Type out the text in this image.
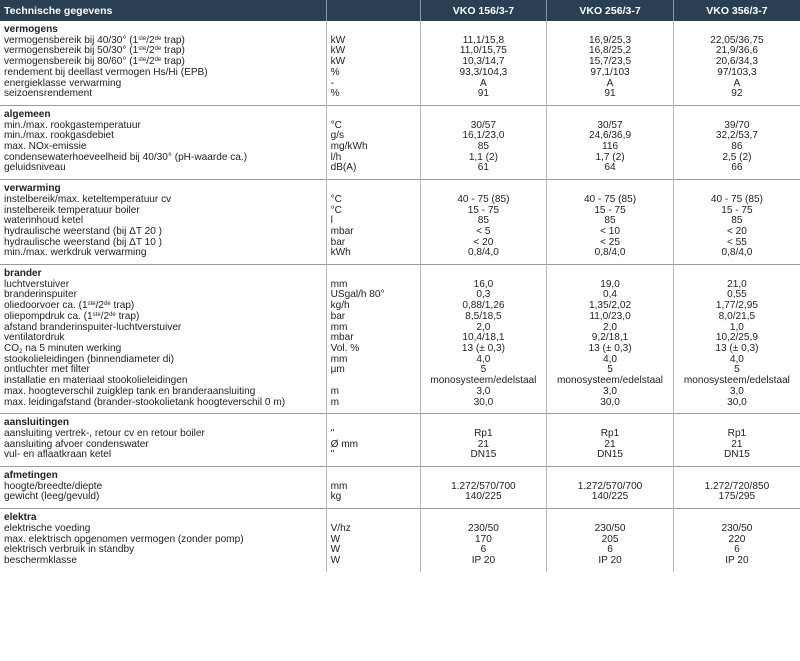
Technische gegevens		VKO 156/3-7	VKO 256/3-7	VKO 356/3-7
vermogens				
vermogensbereik bij 40/30° (1ste/2de trap)	kW	11,1/15,8	16,9/25,3	22,05/36,75
vermogensbereik bij 50/30° (1ste/2de trap)	kW	11,0/15,75	16,8/25,2	21,9/36,6
vermogensbereik bij 80/60° (1ste/2de trap)	kW	10,3/14,7	15,7/23,5	20,6/34,3
rendement bij deellast vermogen Hs/Hi (EPB)	%	93,3/104,3	97,1/103	97/103,3
energieklasse verwarming	-	A	A	A
seizoensrendement	%	91	91	92

algemeen				
min./max. rookgastemperatuur	°C	30/57	30/57	39/70
min./max. rookgasdebiet	g/s	16,1/23,0	24,6/36,9	32,2/53,7
max. NOx-emissie	mg/kWh	85	116	86
condensewaterhoeveelheid bij 40/30° (pH-waarde ca.)	l/h	1,1 (2)	1,7 (2)	2,5 (2)
geluidsniveau	dB(A)	61	64	66

verwarming				
instelbereik/max. keteltemperatuur cv	°C	40 - 75 (85)	40 - 75 (85)	40 - 75 (85)
instelbereik temperatuur boiler	°C	15 - 75	15 - 75	15 - 75
waterinhoud ketel	l	85	85	85
hydraulische weerstand (bij ΔT 20 )	mbar	< 5	< 10	< 20
hydraulische weerstand (bij ΔT 10 )	bar	< 20	< 25	< 55
min./max. werkdruk verwarming	kWh	0,8/4,0	0,8/4,0	0,8/4,0

brander				
luchtverstuiver	mm	16,0	19,0	21,0
branderinspuiter	USgal/h 80°	0,3	0,4	0,55
oliedoorvoer ca. (1ste/2de trap)	kg/h	0,88/1,26	1,35/2,02	1,77/2,95
oliepompdruk ca. (1ste/2de trap)	bar	8,5/18,5	11,0/23,0	8,0/21,5
afstand branderinspuiter-luchtverstuiver	mm	2,0	2,0	1,0
ventilatordruk	mbar	10,4/18,1	9,2/18,1	10,2/25,9
$CO_2$ na 5 minuten werking	Vol. %	13 (± 0,3)	13 (± 0,3)	13 (± 0,3)
stookolieleidingen (binnendiameter di)	mm	4,0	4,0	4,0
ontluchter met filter	µm	5	5	5
installatie en materiaal stookolieleidingen		monosysteem/edelstaal	monosysteem/edelstaal	monosysteem/edelstaal
max. hoogteverschil zuigklep tank en branderaansluiting	m	3,0	3,0	3,0
max. leidingafstand (brander-stookolietank hoogteverschil 0 m)	m	30,0	30,0	30,0

aansluitingen				
aansluiting vertrek-, retour cv en retour boiler	"	Rp1	Rp1	Rp1
aansluiting afvoer condenswater	Ø mm	21	21	21
vul- en aflaatkraan ketel	"	DN15	DN15	DN15

afmetingen				
hoogte/breedte/diepte	mm	1.272/570/700	1.272/570/700	1.272/720/850
gewicht (leeg/gevuld)	kg	140/225	140/225	175/295

elektra				
elektrische voeding	V/hz	230/50	230/50	230/50
max. elektrisch opgenomen vermogen (zonder pomp)	W	170	205	220
elektrisch verbruik in standby	W	6	6	6
beschermklasse	W	IP 20	IP 20	IP 20
